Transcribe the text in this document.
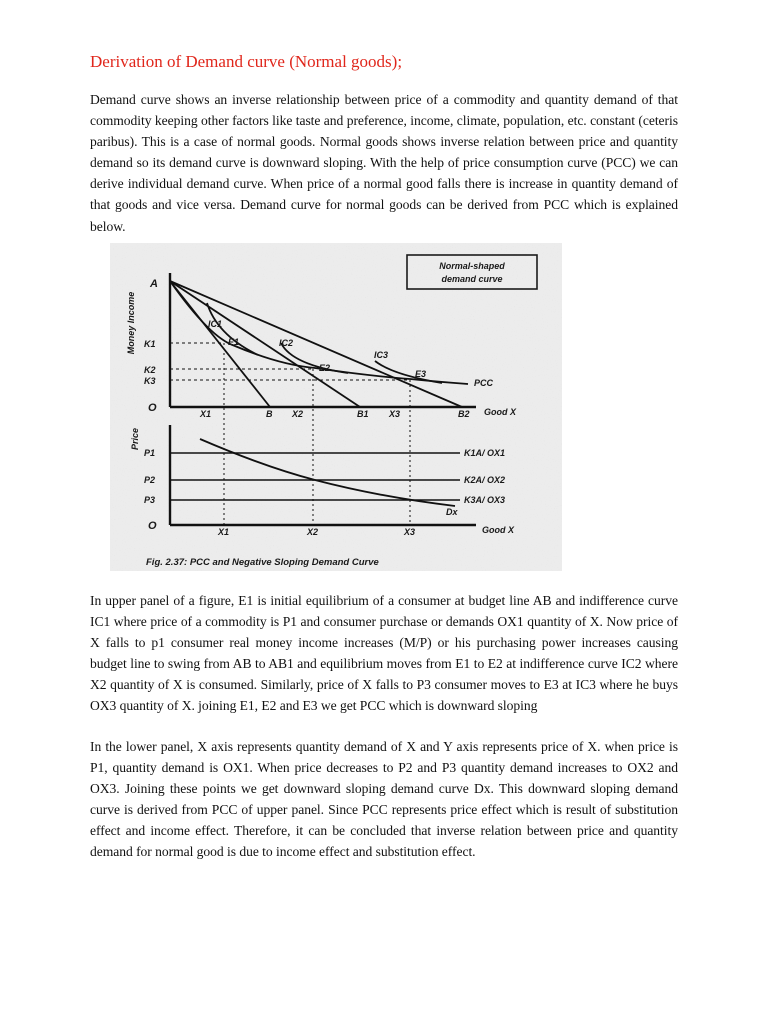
Derivation of Demand curve (Normal goods);

Demand curve shows an inverse relationship between price of a commodity and quantity demand of that commodity keeping other factors like taste and preference, income, climate, population, etc. constant (ceteris paribus). This is a case of normal goods. Normal goods shows inverse relation between price and quantity demand so its demand curve is downward sloping. With the help of price consumption curve (PCC) we can derive individual demand curve. When price of a normal good falls there is increase in quantity demand of that goods and vice versa. Demand curve for normal goods can be derived from PCC which is explained below.

Normal-shaped
demand curve
Money Income
A
O
PCC
IC1
IC2
IC3
E1
E2
E3
K1
K2
K3
X1	B X2	B1 X3	B2 Good X
Price
O
P1
P2
P3
K1A/ OX1
K2A/ OX2
K3A/ OX3
Dx
X1	X2	X3	Good X
Fig. 2.37: PCC and Negative Sloping Demand Curve

In upper panel of a figure, E1 is initial equilibrium of a consumer at budget line AB and indifference curve IC1 where price of a commodity is P1 and consumer purchase or demands OX1 quantity of X. Now price of X falls to p1 consumer real money income increases (M/P) or his purchasing power increases causing budget line to swing from AB to AB1 and equilibrium moves from E1 to E2 at indifference curve IC2 where X2 quantity of X is consumed. Similarly, price of X falls to P3 consumer moves to E3 at IC3 where he buys OX3 quantity of X. joining E1, E2 and E3 we get PCC which is downward sloping

In the lower panel, X axis represents quantity demand of X and Y axis represents price of X. when price is P1, quantity demand is OX1. When price decreases to P2 and P3 quantity demand increases to OX2 and OX3. Joining these points we get downward sloping demand curve Dx. This downward sloping demand curve is derived from PCC of upper panel. Since PCC represents price effect which is result of substitution effect and income effect. Therefore, it can be concluded that inverse relation between price and quantity demand for normal good is due to income effect and substitution effect.
